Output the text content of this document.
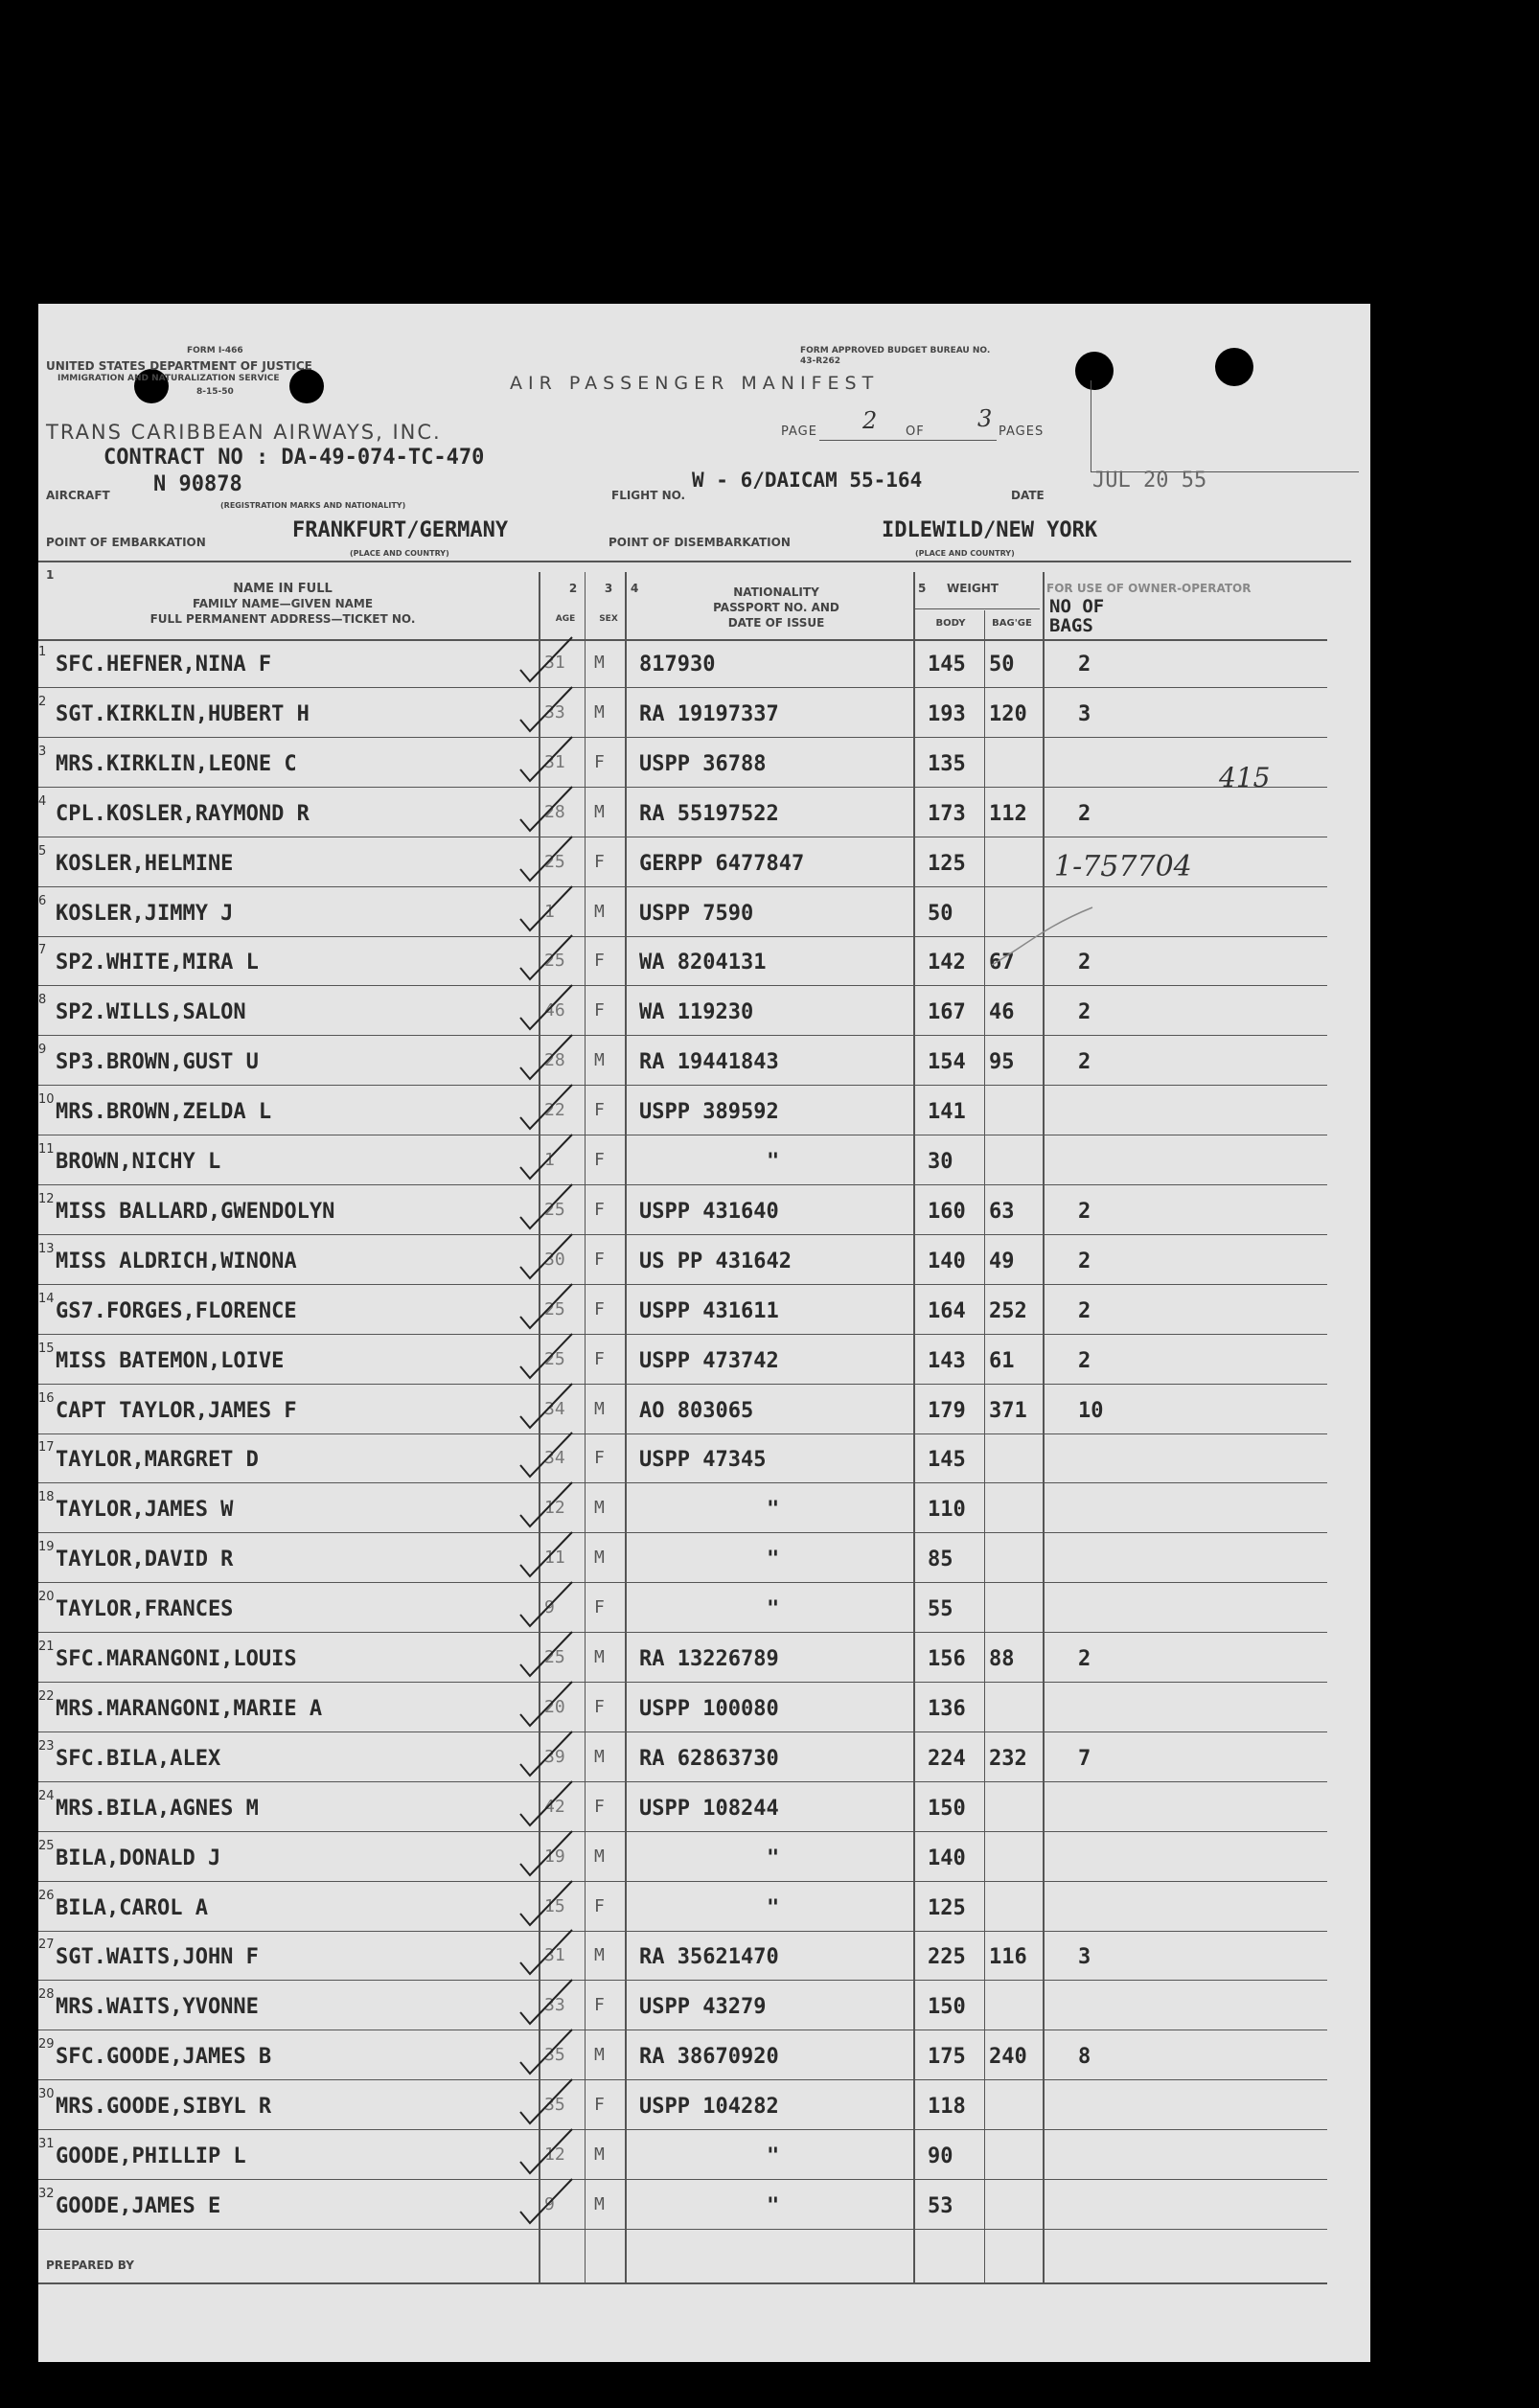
FORM I-466
UNITED STATES DEPARTMENT OF JUSTICE
IMMIGRATION AND NATURALIZATION SERVICE
8-15-50
FORM APPROVED BUDGET BUREAU NO. 43-R262
AIR PASSENGER MANIFEST
TRANS CARIBBEAN AIRWAYS, INC.
CONTRACT NO : DA-49-074-TC-470
PAGE 2 OF 3 PAGES
AIRCRAFT N 90878
(REGISTRATION MARKS AND NATIONALITY)
FLIGHT NO.
W - 6/DAICAM 55-164
DATE
JUL 20 55
POINT OF EMBARKATION	FRANKFURT/GERMANY
(PLACE AND COUNTRY)
POINT OF DISEMBARKATION	IDLEWILD/NEW YORK
(PLACE AND COUNTRY)
1
NAME IN FULL
FAMILY NAME—GIVEN NAME
FULL PERMANENT ADDRESS—TICKET NO.
2
AGE
3
SEX
4	NATIONALITY
PASSPORT NO. AND
DATE OF ISSUE
5	WEIGHT
BODY	BAG'GE
FOR USE OF OWNER-OPERATOR
NO OF BAGS
1
SFC.HEFNER,NINA F	31 M 817930	145 50	2
2
SGT.KIRKLIN,HUBERT H	33 M RA 19197337	193 120 3
3
MRS.KIRKLIN,LEONE C	31 F USPP 36788	135
4
CPL.KOSLER,RAYMOND R	28 M RA 55197522	173 112 2
5
KOSLER,HELMINE	25 F GERPP 6477847	125
6
KOSLER,JIMMY J	1 M USPP 7590	50
7
SP2.WHITE,MIRA L	25 F WA 8204131	142 67	2
8
SP2.WILLS,SALON	46 F WA 119230	167 46	2
9
SP3.BROWN,GUST U	28 M RA 19441843	154 95	2
10
MRS.BROWN,ZELDA L	22 F USPP 389592	141
11
BROWN,NICHY L	1 F	"	30
12
MISS BALLARD,GWENDOLYN	25 F USPP 431640	160 63	2
13
MISS ALDRICH,WINONA	30 F US PP 431642	140 49	2
14
GS7.FORGES,FLORENCE	25 F USPP 431611	164 252 2
15
MISS BATEMON,LOIVE	25 F USPP 473742	143 61	2
16
CAPT TAYLOR,JAMES F	34 M AO 803065	179 371 10
17
TAYLOR,MARGRET D	34 F USPP 47345	145
18
TAYLOR,JAMES W	12 M	"	110
19
TAYLOR,DAVID R	11 M	"	85
20
TAYLOR,FRANCES	9 F	"	55
21
SFC.MARANGONI,LOUIS	25 M RA 13226789	156 88	2
22
MRS.MARANGONI,MARIE A	20 F USPP 100080	136
23
SFC.BILA,ALEX	39 M RA 62863730	224 232 7
24
MRS.BILA,AGNES M	42 F USPP 108244	150
25
BILA,DONALD J	19 M	"	140
26
BILA,CAROL A	15 F	"	125
27
SGT.WAITS,JOHN F	31 M RA 35621470	225 116 3
28
MRS.WAITS,YVONNE	33 F USPP 43279	150
29
SFC.GOODE,JAMES B	35 M RA 38670920	175 240 8
30
MRS.GOODE,SIBYL R	35 F USPP 104282	118
31
GOODE,PHILLIP L	12 M	"	90
32
GOODE,JAMES E	9 M	"	53
415
1-757704
PREPARED BY
